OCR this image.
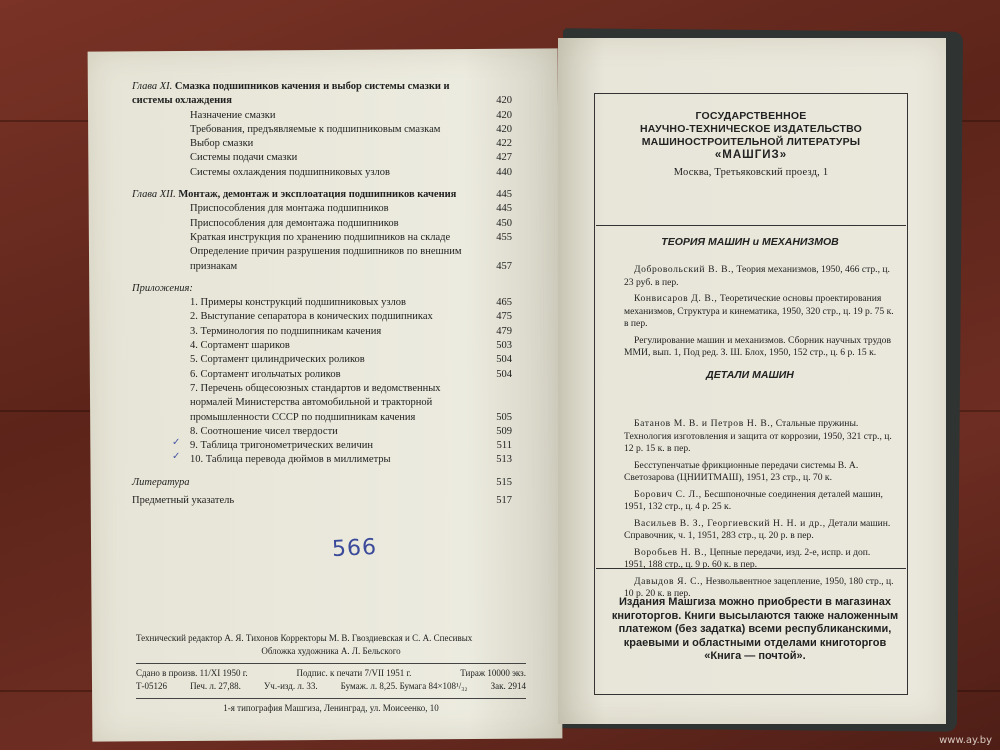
Глава XI. Смазка подшипников качения и выбор системы смазки и системы охлаждения	420
Назначение смазки	420
Требования, предъявляемые к подшипниковым смазкам	420
Выбор смазки	422
Системы подачи смазки	427
Системы охлаждения подшипниковых узлов	440
Глава XII. Монтаж, демонтаж и эксплоатация подшипников качения	445
Приспособления для монтажа подшипников	445
Приспособления для демонтажа подшипников	450
Краткая инструкция по хранению подшипников на складе	455
Определение причин разрушения подшипников по внешним признакам	457
Приложения:
1. Примеры конструкций подшипниковых узлов	465
2. Выступание сепаратора в конических подшипниках	475
3. Терминология по подшипникам качения	479
4. Сортамент шариков	503
5. Сортамент цилиндрических роликов	504
6. Сортамент игольчатых роликов	504
7. Перечень общесоюзных стандартов и ведомственных нормалей Министерства автомобильной и тракторной промышленности СССР по подшипникам качения	505
8. Соотношение чисел твердости	509
9. Таблица тригонометрических величин	511
10. Таблица перевода дюймов в миллиметры	513
Литература	515
Предметный указатель	517
✓
✓
566
Технический редактор А. Я. Тихонов Корректоры М. В. Гвоздиевская и С. А. Спесивых
Обложка художника А. Л. Бельского
Сдано в произв. 11/XI 1950 г.	Подпис. к печати 7/VII 1951 г.	Тираж 10000 экз.
Т-05126	Печ. л. 27,88.	Уч.-изд. л. 33.	Бумаж. л. 8,25. Бумага 84×108¹/₃₂	Зак. 2914
1-я типография Машгиза, Ленинград, ул. Моисеенко, 10
ГОСУДАРСТВЕННОЕ
НАУЧНО-ТЕХНИЧЕСКОЕ ИЗДАТЕЛЬСТВО
МАШИНОСТРОИТЕЛЬНОЙ ЛИТЕРАТУРЫ
«МАШГИЗ»
Москва, Третьяковский проезд, 1
ТЕОРИЯ МАШИН и МЕХАНИЗМОВ
Добровольский В. В., Теория механизмов, 1950, 466 стр., ц. 23 руб. в пер.
Конвисаров Д. В., Теоретические основы проектирования механизмов, Структура и кинематика, 1950, 320 стр., ц. 19 р. 75 к. в пер.
Регулирование машин и механизмов. Сборник научных трудов ММИ, вып. 1, Под ред. З. Ш. Блох, 1950, 152 стр., ц. 6 р. 15 к.
ДЕТАЛИ МАШИН
Батанов М. В. и Петров Н. В., Стальные пружины. Технология изготовления и защита от коррозии, 1950, 321 стр., ц. 12 р. 15 к. в пер.
Бесступенчатые фрикционные передачи системы В. А. Светозарова (ЦНИИТМАШ), 1951, 23 стр., ц. 70 к.
Борович С. Л., Бесшпоночные соединения деталей машин, 1951, 132 стр., ц. 4 р. 25 к.
Васильев В. З., Георгиевский Н. Н. и др., Детали машин. Справочник, ч. 1, 1951, 283 стр., ц. 20 р. в пер.
Воробьев Н. В., Цепные передачи, изд. 2-е, испр. и доп. 1951, 188 стр., ц. 9 р. 60 к. в пер.
Давыдов Я. С., Незвольвентное зацепление, 1950, 180 стр., ц. 10 р. 20 к. в пер.
Издания Машгиза можно приобрести в магазинах книготоргов. Книги высылаются также наложенным платежом (без задатка) всеми республиканскими, краевыми и областными отделами книготоргов «Книга — почтой».
www.ay.by
